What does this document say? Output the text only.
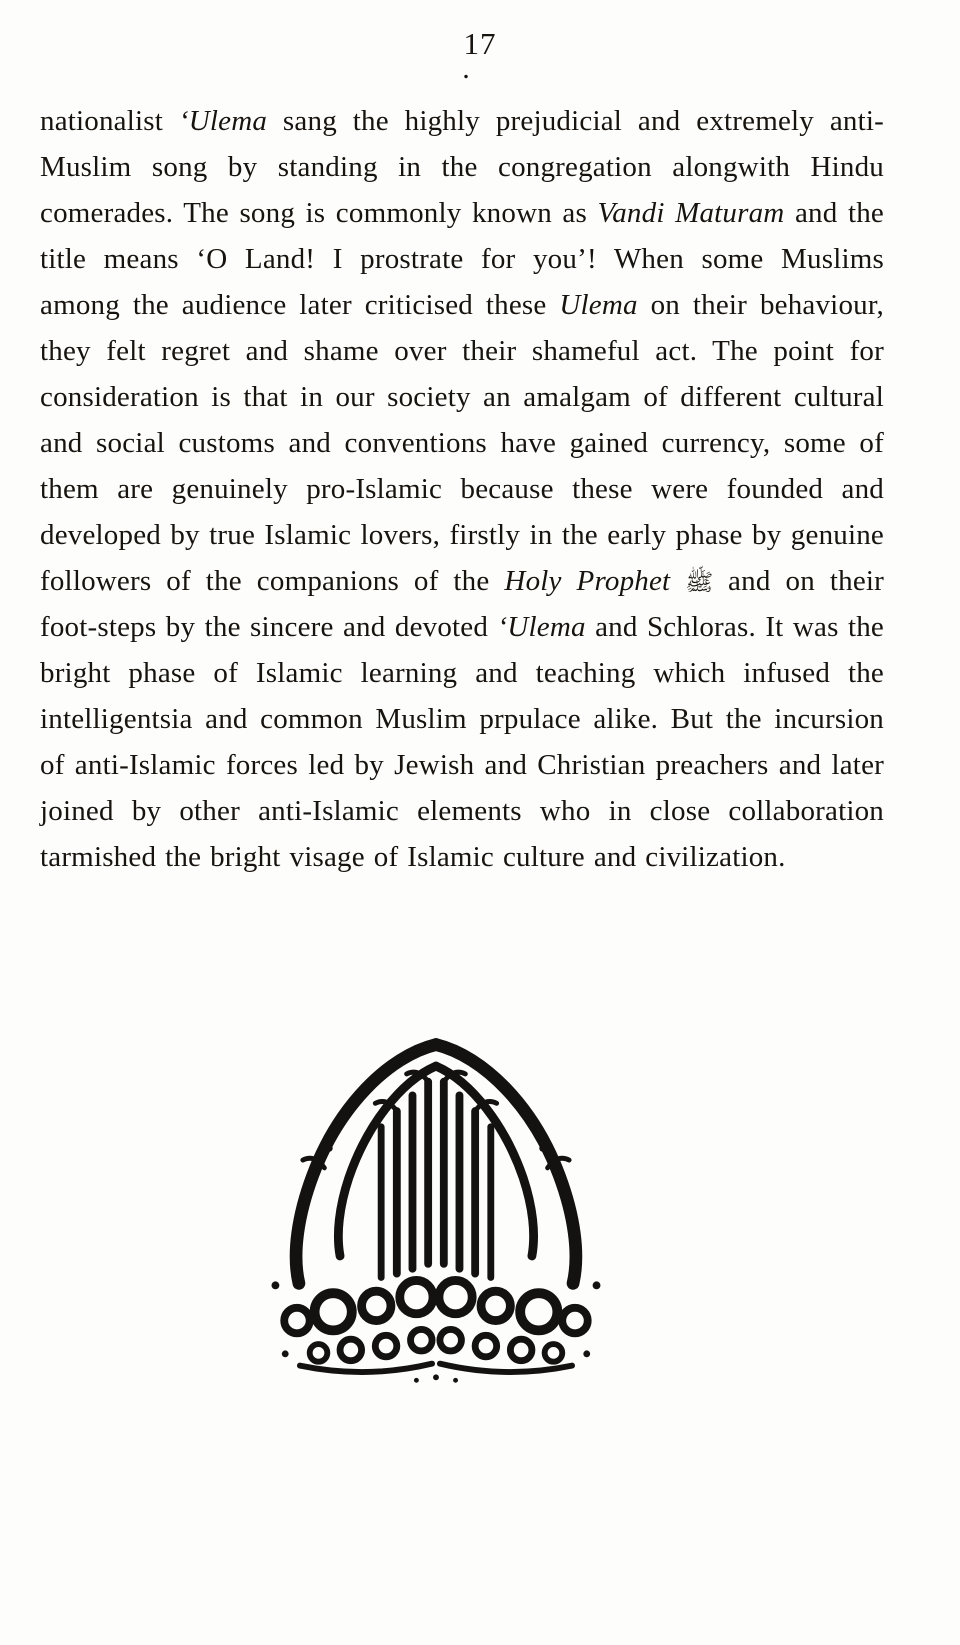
17
.
nationalist ‘Ulema sang the highly prejudicial and extremely anti-Muslim song by standing in the congregation alongwith Hindu comerades. The song is commonly known as Vandi Maturam and the title means ‘O Land! I prostrate for you’! When some Muslims among the audience later criticised these Ulema on their behaviour, they felt regret and shame over their shameful act. The point for consideration is that in our society an amalgam of different cultural and social customs and conventions have gained currency, some of them are genuinely pro-Islamic because these were founded and developed by true Islamic lovers, firstly in the early phase by genuine followers of the companions of the Holy Prophet ﷺ and on their foot-steps by the sincere and devoted ‘Ulema and Schloras. It was the bright phase of Islamic learning and teaching which infused the intelligentsia and common Muslim prpulace alike. But the incursion of anti-Islamic forces led by Jewish and Christian preachers and later joined by other anti-Islamic elements who in close collaboration tarmished the bright visage of Islamic culture and civilization.
